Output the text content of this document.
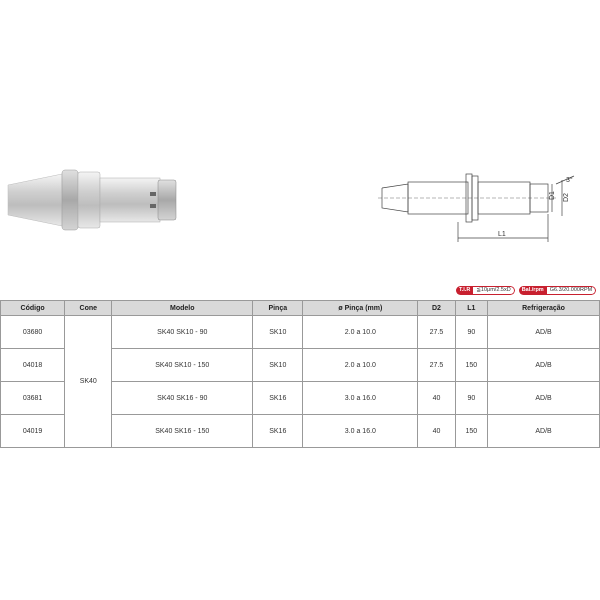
D1 D2
3°
L1
T.I.R	≦10μm/2.5xD	Bal./rpm	G6.3/20.000RPM
Código	Cone	Modelo	Pinça	ø Pinça (mm)	D2	L1	Refrigeração
03680	SK40	SK40 SK10 - 90	SK10	2.0 a 10.0	27.5	90	AD/B
04018		SK40 SK10 - 150	SK10	2.0 a 10.0	27.5	150	AD/B
03681		SK40 SK16 - 90	SK16	3.0 a 16.0	40	90	AD/B
04019		SK40 SK16 - 150	SK16	3.0 a 16.0	40	150	AD/B
